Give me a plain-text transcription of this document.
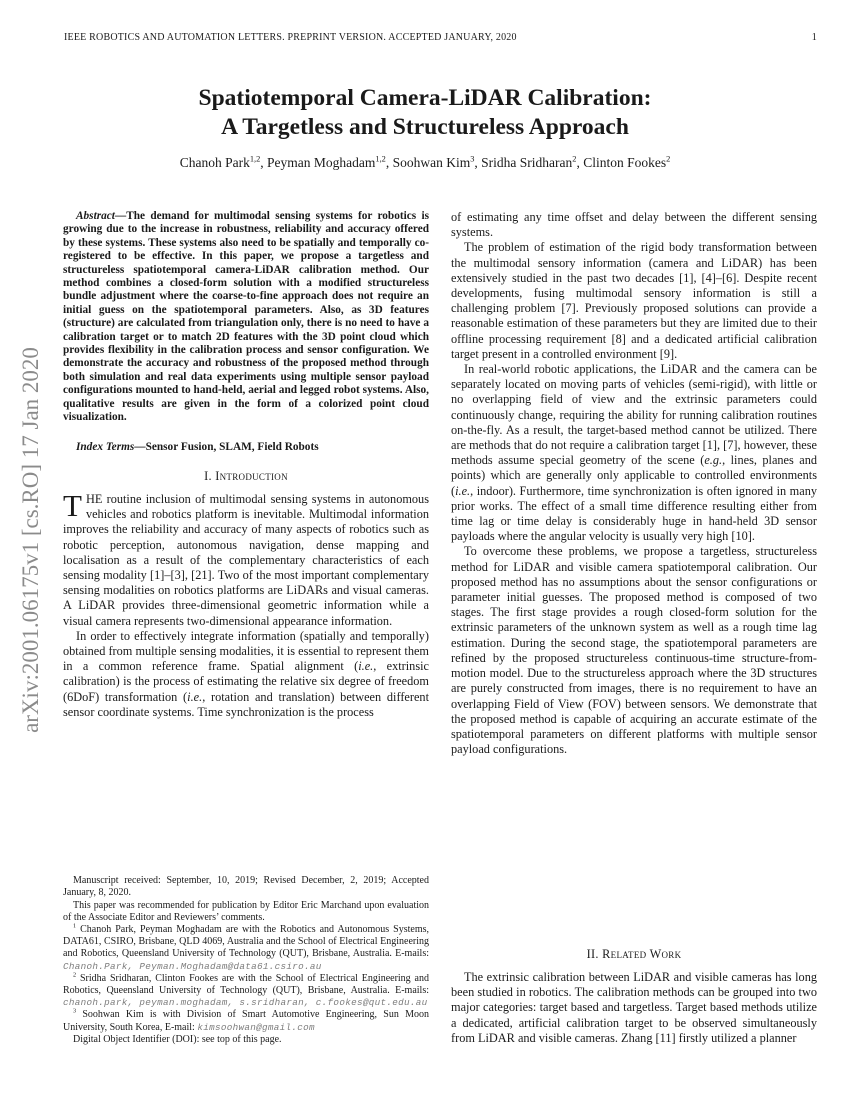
IEEE ROBOTICS AND AUTOMATION LETTERS. PREPRINT VERSION. ACCEPTED JANUARY, 2020	1
arXiv:2001.06175v1 [cs.RO] 17 Jan 2020
Spatiotemporal Camera-LiDAR Calibration:
A Targetless and Structureless Approach
Chanoh Park$^{1,2}$, Peyman Moghadam$^{1,2}$, Soohwan Kim$^3$, Sridha Sridharan$^2$, Clinton Fookes$^2$
Abstract—The demand for multimodal sensing systems for robotics is growing due to the increase in robustness, reliability and accuracy offered by these systems. These systems also need to be spatially and temporally co-registered to be effective. In this paper, we propose a targetless and structureless spatiotemporal camera-LiDAR calibration method. Our method combines a closed-form solution with a modified structureless bundle adjustment where the coarse-to-fine approach does not require an initial guess on the spatiotemporal parameters. Also, as 3D features (structure) are calculated from triangulation only, there is no need to have a calibration target or to match 2D features with the 3D point cloud which provides flexibility in the calibration process and sensor configuration. We demonstrate the accuracy and robustness of the proposed method through both simulation and real data experiments using multiple sensor payload configurations mounted to hand-held, aerial and legged robot systems. Also, qualitative results are given in the form of a colorized point cloud visualization.
Index Terms—Sensor Fusion, SLAM, Field Robots
I. Introduction

THE routine inclusion of multimodal sensing systems in autonomous vehicles and robotics platform is inevitable. Multimodal information improves the reliability and accuracy of many aspects of robotics such as robotic perception, autonomous navigation, dense mapping and localisation as a result of the complementary characteristics of each sensing modality [1]–[3], [21]. Two of the most important complementary sensing modalities on robotics platforms are LiDARs and visual cameras. A LiDAR provides three-dimensional geometric information while a visual camera represents two-dimensional appearance information.

In order to effectively integrate information (spatially and temporally) obtained from multiple sensing modalities, it is essential to represent them in a common reference frame. Spatial alignment (i.e., extrinsic calibration) is the process of estimating the relative six degree of freedom (6DoF) transformation (i.e., rotation and translation) between different sensor coordinate systems. Time synchronization is the process

Manuscript received: September, 10, 2019; Revised December, 2, 2019; Accepted January, 8, 2020.

This paper was recommended for publication by Editor Eric Marchand upon evaluation of the Associate Editor and Reviewers’ comments.

$^1$ Chanoh Park, Peyman Moghadam are with the Robotics and Autonomous Systems, DATA61, CSIRO, Brisbane, QLD 4069, Australia and the School of Electrical Engineering and Robotics, Queensland University of Technology (QUT), Brisbane, Australia. E-mails: Chanoh.Park, Peyman.Moghadam@data61.csiro.au

$^2$ Sridha Sridharan, Clinton Fookes are with the School of Electrical Engineering and Robotics, Queensland University of Technology (QUT), Brisbane, Australia. E-mails: chanoh.park, peyman.moghadam, s.sridharan, c.fookes@qut.edu.au

$^3$ Soohwan Kim is with Division of Smart Automotive Engineering, Sun Moon University, South Korea, E-mail: kimsoohwan@gmail.com

Digital Object Identifier (DOI): see top of this page.

of estimating any time offset and delay between the different sensing systems.

The problem of estimation of the rigid body transformation between the multimodal sensory information (camera and LiDAR) has been extensively studied in the past two decades [1], [4]–[6]. Despite recent developments, fusing multimodal sensory information is still a challenging problem [7]. Previously proposed solutions can provide a reasonable estimation of these parameters but they are limited due to their offline processing requirement [8] and a dedicated artificial calibration target present in a controlled environment [9].

In real-world robotic applications, the LiDAR and the camera can be separately located on moving parts of vehicles (semi-rigid), with little or no overlapping field of view and the extrinsic parameters could continuously change, requiring the ability for running calibration routines on-the-fly. As a result, the target-based method cannot be utilized. There are methods that do not require a calibration target [1], [7], however, these methods assume special geometry of the scene (e.g., lines, planes and points) which are generally only applicable to controlled environments (i.e., indoor). Furthermore, time synchronization is often ignored in many prior works. The effect of a small time difference resulting either from time lag or time delay is considerably huge in hand-held 3D sensor payloads where the angular velocity is usually very high [10].

To overcome these problems, we propose a targetless, structureless method for LiDAR and visible camera spatiotemporal calibration. Our proposed method has no assumptions about the sensor configurations or parameter initial guesses. The proposed method is composed of two stages. The first stage provides a rough closed-form solution for the extrinsic parameters of the unknown system as well as a rough time lag estimation. During the second stage, the spatiotemporal parameters are refined by the proposed structureless continuous-time structure-from-motion model. Due to the structureless approach where the 3D structures are purely constructed from images, there is no requirement to have an overlapping Field of View (FOV) between sensors. We demonstrate that the proposed method is capable of acquiring an accurate estimate of the spatiotemporal parameters on different platforms with multiple sensor payload configurations.

II. Related Work

The extrinsic calibration between LiDAR and visible cameras has long been studied in robotics. The calibration methods can be grouped into two major categories: target based and targetless. Target based methods utilize a dedicated, artificial calibration target to be observed simultaneously from LiDAR and visible cameras. Zhang [11] firstly utilized a planner
